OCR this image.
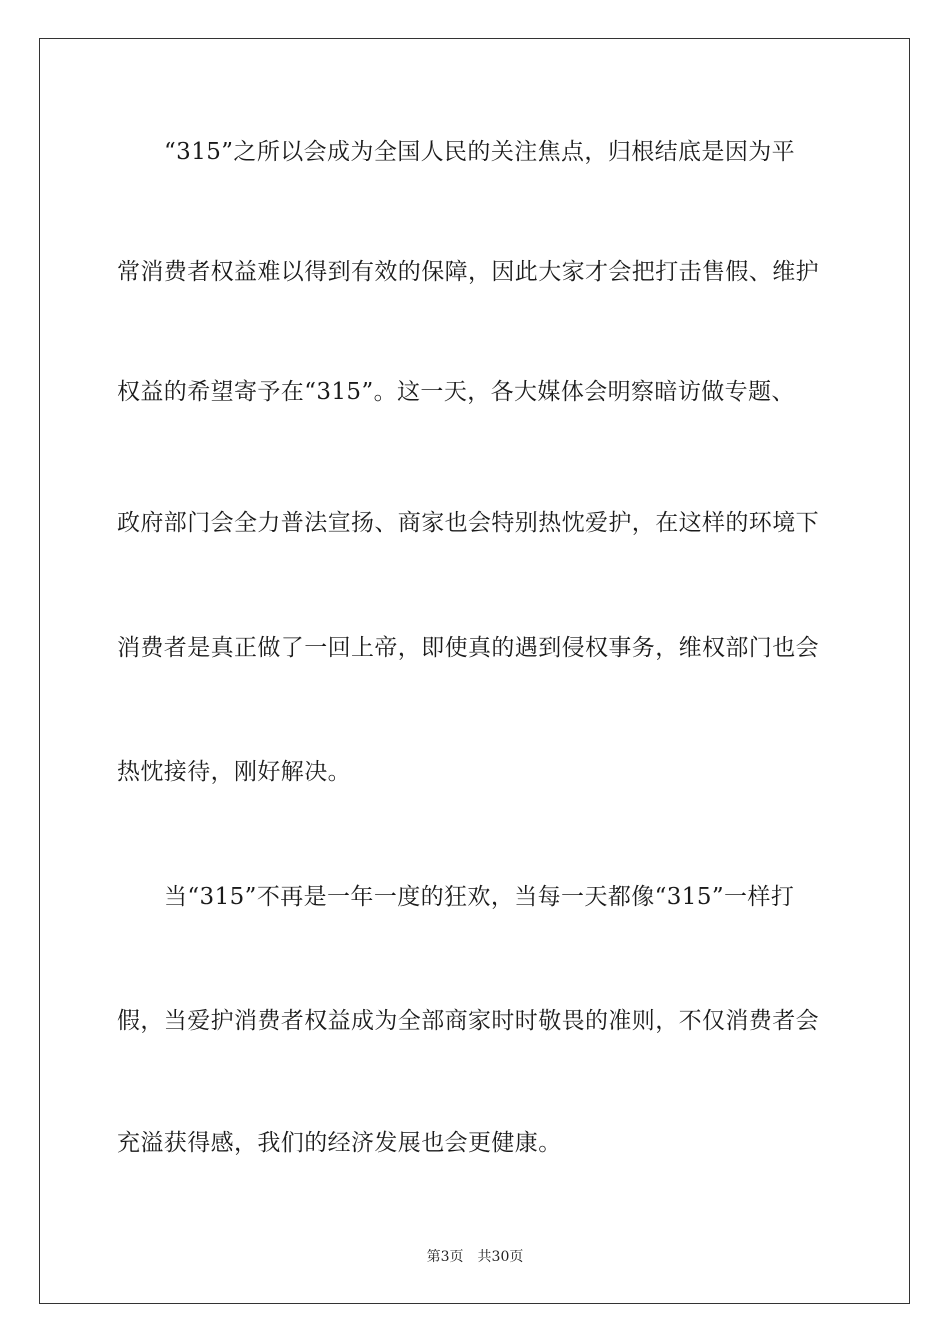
“315”之所以会成为全国人民的关注焦点，归根结底是因为平
常消费者权益难以得到有效的保障，因此大家才会把打击售假、维护
权益的希望寄予在“315”。这一天，各大媒体会明察暗访做专题、
政府部门会全力普法宣扬、商家也会特别热忱爱护，在这样的环境下
消费者是真正做了一回上帝，即使真的遇到侵权事务，维权部门也会
热忱接待，刚好解决。
当“315”不再是一年一度的狂欢，当每一天都像“315”一样打
假，当爱护消费者权益成为全部商家时时敬畏的准则，不仅消费者会
充溢获得感，我们的经济发展也会更健康。
第3页 共30页
